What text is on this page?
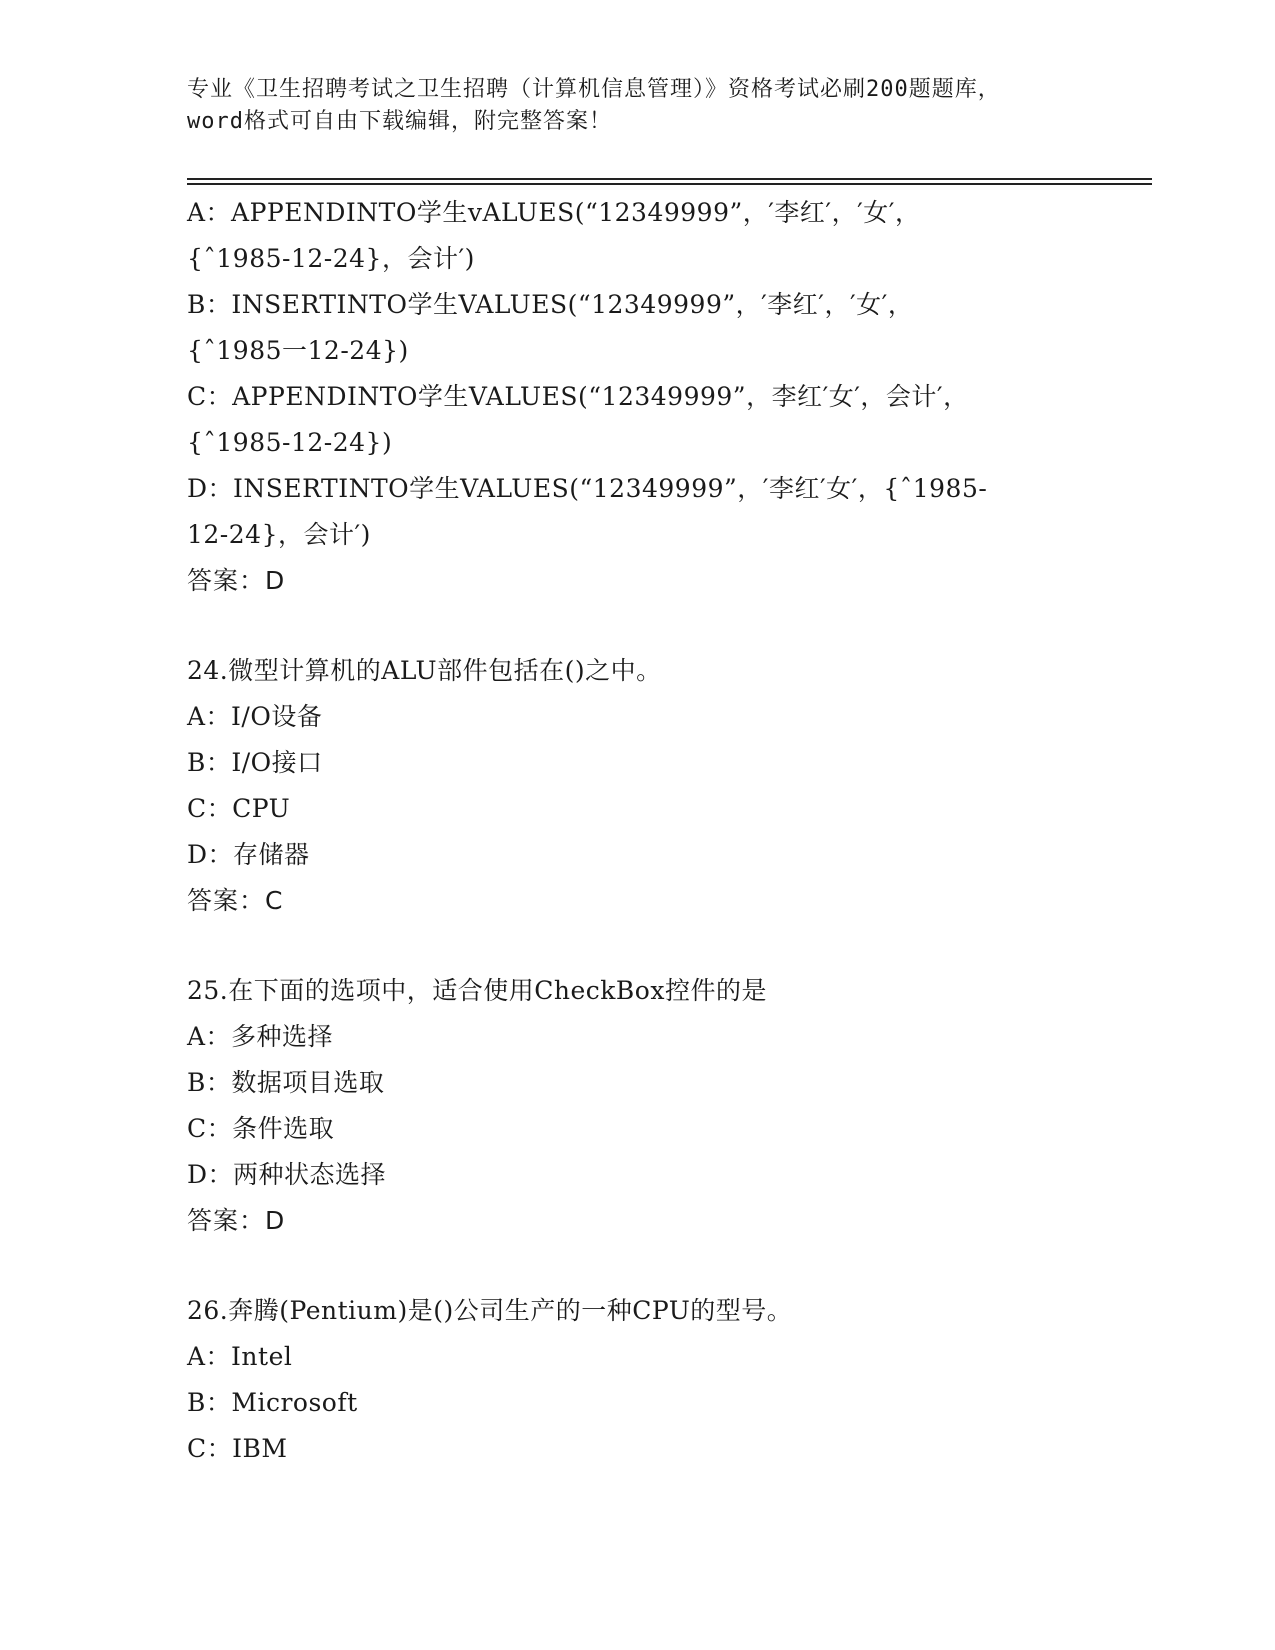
专业《卫生招聘考试之卫生招聘（计算机信息管理）》资格考试必刷200题题库，
word格式可自由下载编辑，附完整答案！
A：APPENDINTO学生vALUES(“12349999”，′李红′，′女′，
{ˆ1985-12-24}，会计′)
B：INSERTINTO学生VALUES(“12349999”，′李红′，′女′，
{ˆ1985一12-24})
C：APPENDINTO学生VALUES(“12349999”，李红′女′，会计′，
{ˆ1985-12-24})
D：INSERTINTO学生VALUES(“12349999”，′李红′女′，{ˆ1985-
12-24}，会计′)
答案：D
24.微型计算机的ALU部件包括在()之中。
A：I/O设备
B：I/O接口
C：CPU
D：存储器
答案：C
25.在下面的选项中，适合使用CheckBox控件的是
A：多种选择
B：数据项目选取
C：条件选取
D：两种状态选择
答案：D
26.奔腾(Pentium)是()公司生产的一种CPU的型号。
A：Intel
B：Microsoft
C：IBM
